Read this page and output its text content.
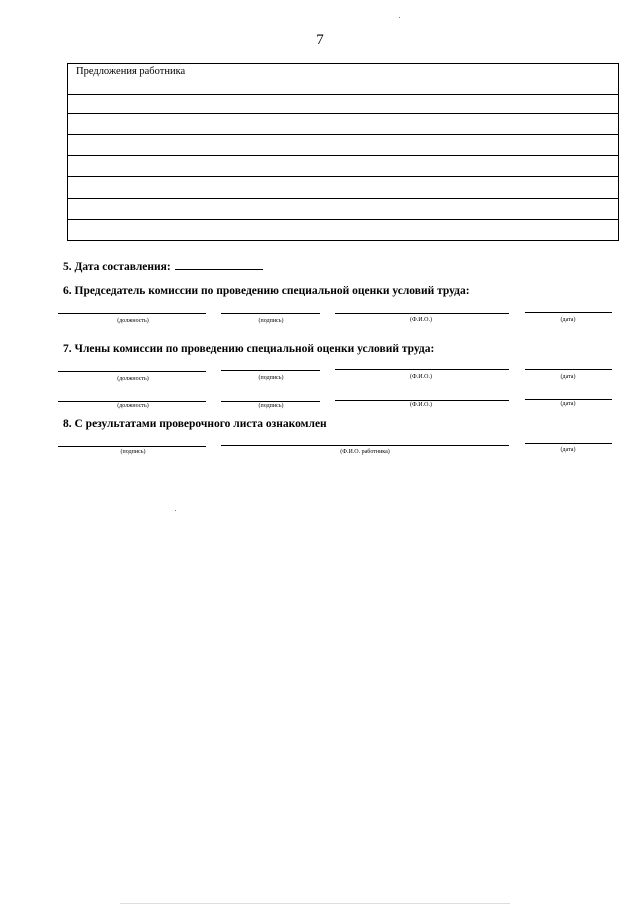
7
Предложения работника
5. Дата составления:
6. Председатель комиссии по проведению специальной оценки условий труда:
(должность)	(подпись)	(Ф.И.О.)	(дата)
7. Члены комиссии по проведению специальной оценки условий труда:
(должность)	(подпись)	(Ф.И.О.)	(дата)
(должность)	(подпись)	(Ф.И.О.)	(дата)
8. С результатами проверочного листа ознакомлен
(подпись)	(Ф.И.О. работника)	(дата)
